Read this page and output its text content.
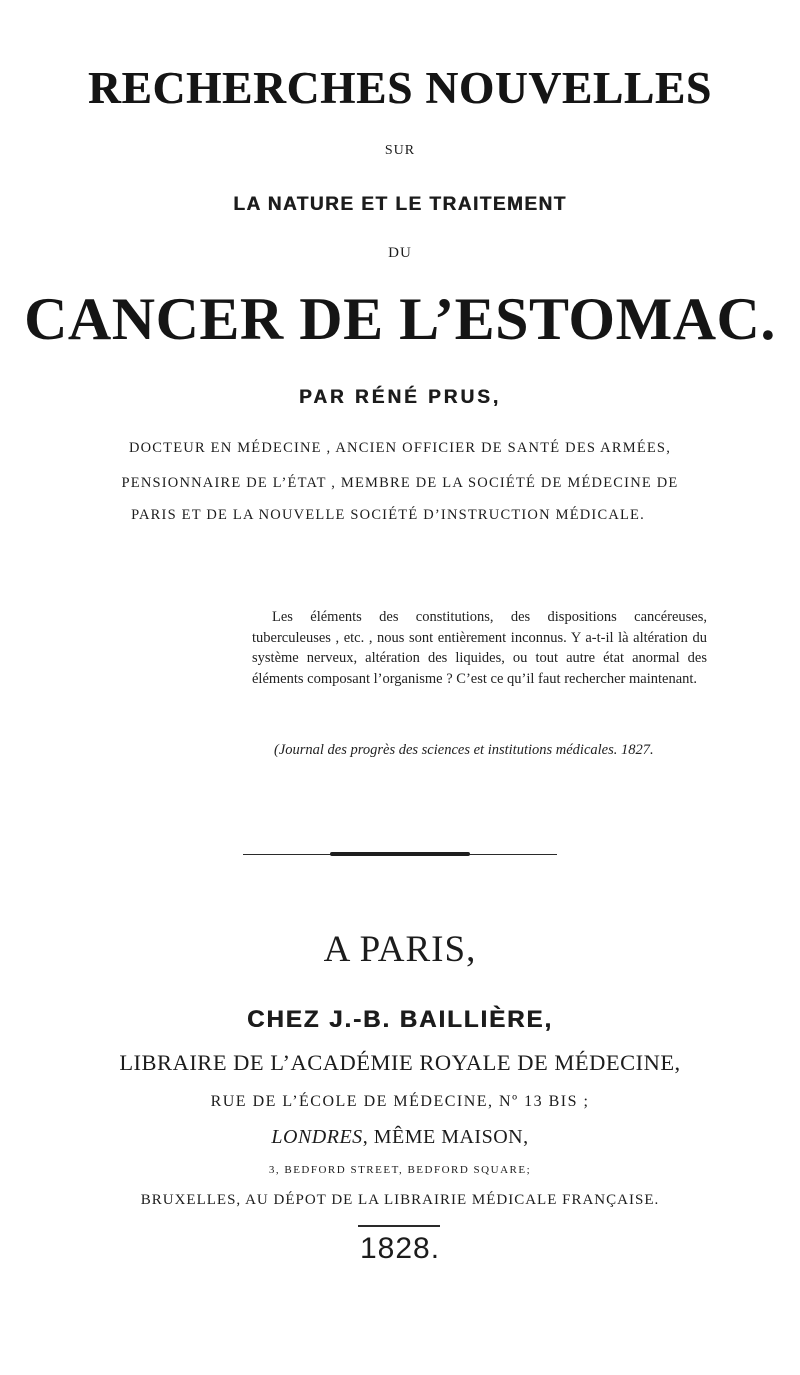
RECHERCHES NOUVELLES
SUR
LA NATURE ET LE TRAITEMENT
DU
CANCER DE L’ESTOMAC.
PAR RÉNÉ PRUS,
DOCTEUR EN MÉDECINE , ANCIEN OFFICIER DE SANTÉ DES ARMÉES,
PENSIONNAIRE DE L’ÉTAT , MEMBRE DE LA SOCIÉTÉ DE MÉDECINE DE
PARIS ET DE LA NOUVELLE SOCIÉTÉ D’INSTRUCTION MÉDICALE.
Les éléments des constitutions, des dispositions cancéreuses, tuberculeuses , etc. , nous sont entièrement inconnus. Y a-t-il là altération du système nerveux, altération des liquides, ou tout autre état anormal des éléments composant l’organisme ? C’est ce qu’il faut rechercher maintenant.
(Journal des progrès des sciences et institutions médicales. 1827.
A PARIS,
CHEZ J.-B. BAILLIÈRE,
LIBRAIRE DE L’ACADÉMIE ROYALE DE MÉDECINE,
RUE DE L’ÉCOLE DE MÉDECINE, Nº 13 BIS ;
LONDRES, MÊME MAISON,
3, BEDFORD STREET, BEDFORD SQUARE;
BRUXELLES, AU DÉPOT DE LA LIBRAIRIE MÉDICALE FRANÇAISE.
1828.
